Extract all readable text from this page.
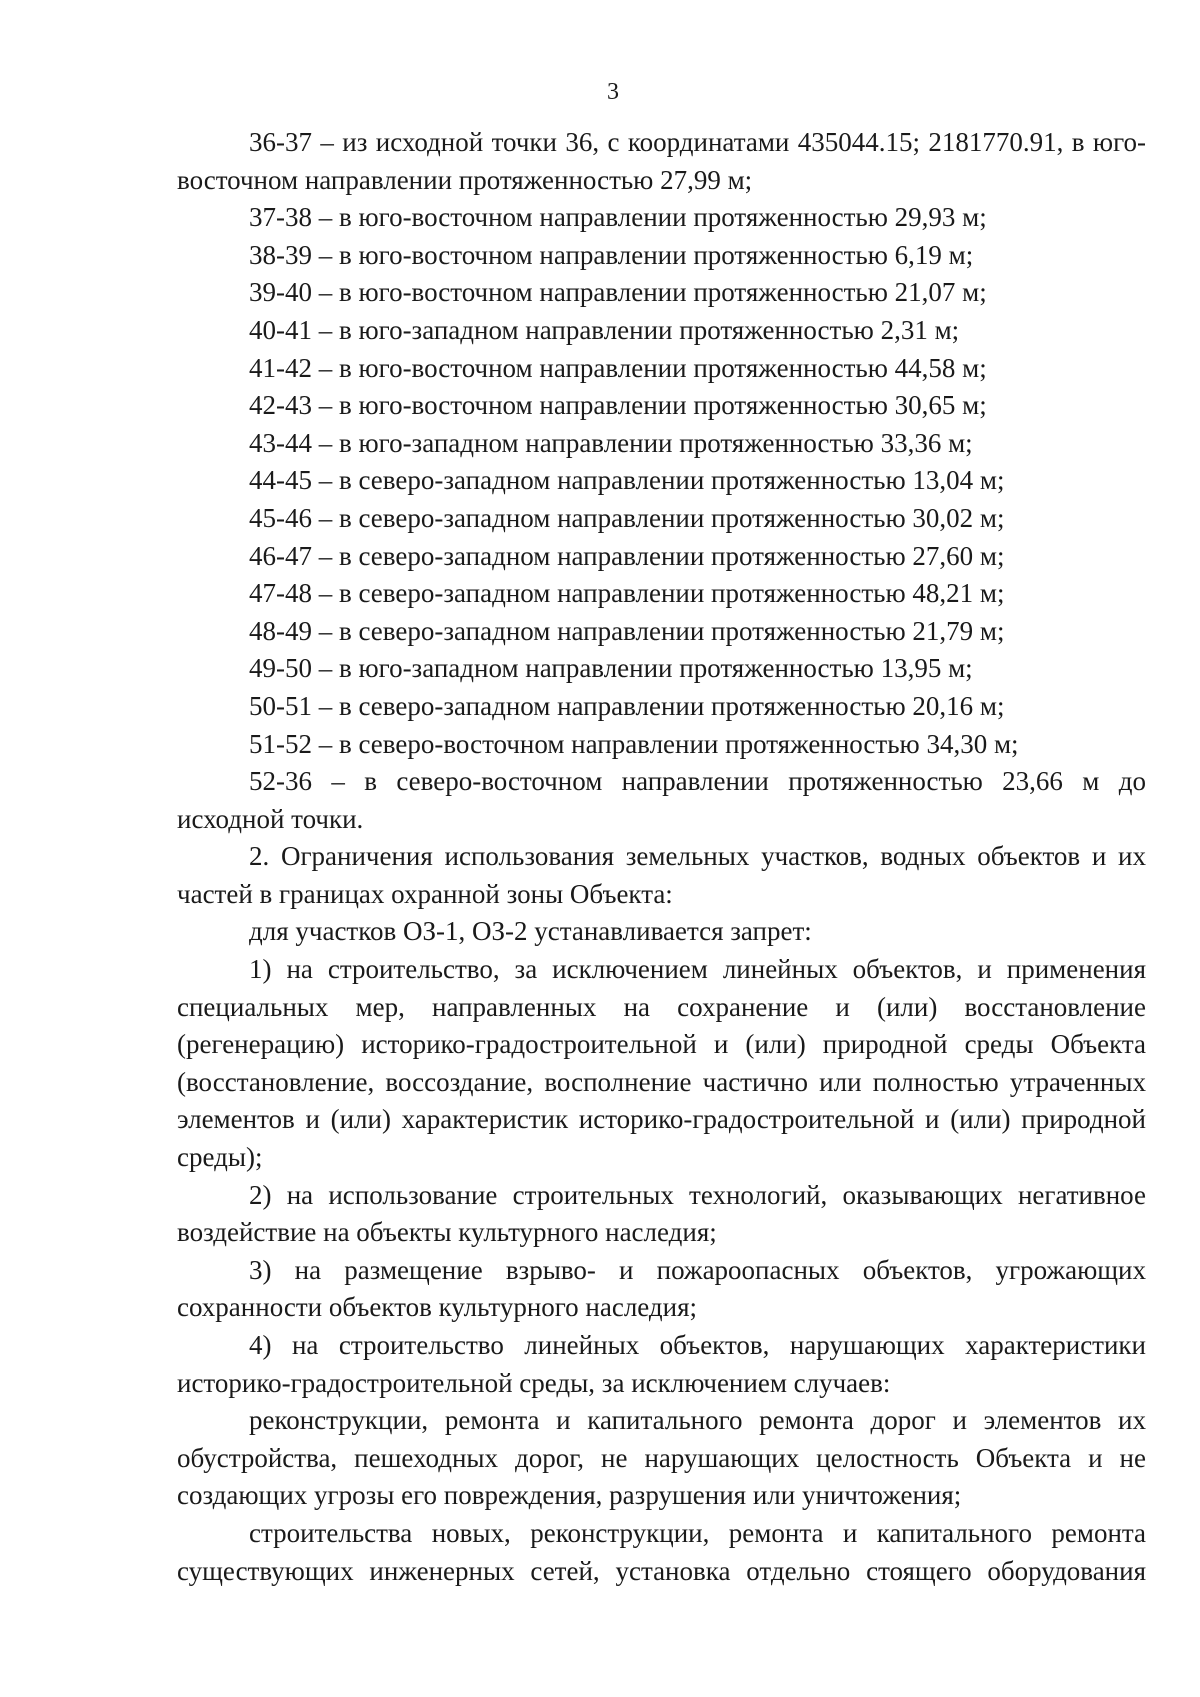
3

36-37 – из исходной точки 36, с координатами 435044.15; 2181770.91, в юго-восточном направлении протяженностью 27,99 м;

37-38 – в юго-восточном направлении протяженностью 29,93 м;

38-39 – в юго-восточном направлении протяженностью 6,19 м;

39-40 – в юго-восточном направлении протяженностью 21,07 м;

40-41 – в юго-западном направлении протяженностью 2,31 м;

41-42 – в юго-восточном направлении протяженностью 44,58 м;

42-43 – в юго-восточном направлении протяженностью 30,65 м;

43-44 – в юго-западном направлении протяженностью 33,36 м;

44-45 – в северо-западном направлении протяженностью 13,04 м;

45-46 – в северо-западном направлении протяженностью 30,02 м;

46-47 – в северо-западном направлении протяженностью 27,60 м;

47-48 – в северо-западном направлении протяженностью 48,21 м;

48-49 – в северо-западном направлении протяженностью 21,79 м;

49-50 – в юго-западном направлении протяженностью 13,95 м;

50-51 – в северо-западном направлении протяженностью 20,16 м;

51-52 – в северо-восточном направлении протяженностью 34,30 м;

52-36 – в северо-восточном направлении протяженностью 23,66 м до исходной точки.

2. Ограничения использования земельных участков, водных объектов и их частей в границах охранной зоны Объекта:

для участков ОЗ-1, ОЗ-2 устанавливается запрет:

1) на строительство, за исключением линейных объектов, и применения специальных мер, направленных на сохранение и (или) восстановление (регенерацию) историко-градостроительной и (или) природной среды Объекта (восстановление, воссоздание, восполнение частично или полностью утраченных элементов и (или) характеристик историко-градостроительной и (или) природной среды);

2) на использование строительных технологий, оказывающих негативное воздействие на объекты культурного наследия;

3) на размещение взрыво- и пожароопасных объектов, угрожающих сохранности объектов культурного наследия;

4) на строительство линейных объектов, нарушающих характеристики историко-градостроительной среды, за исключением случаев:

реконструкции, ремонта и капитального ремонта дорог и элементов их обустройства, пешеходных дорог, не нарушающих целостность Объекта и не создающих угрозы его повреждения, разрушения или уничтожения;

строительства новых, реконструкции, ремонта и капитального ремонта существующих инженерных сетей, установка отдельно стоящего оборудования
